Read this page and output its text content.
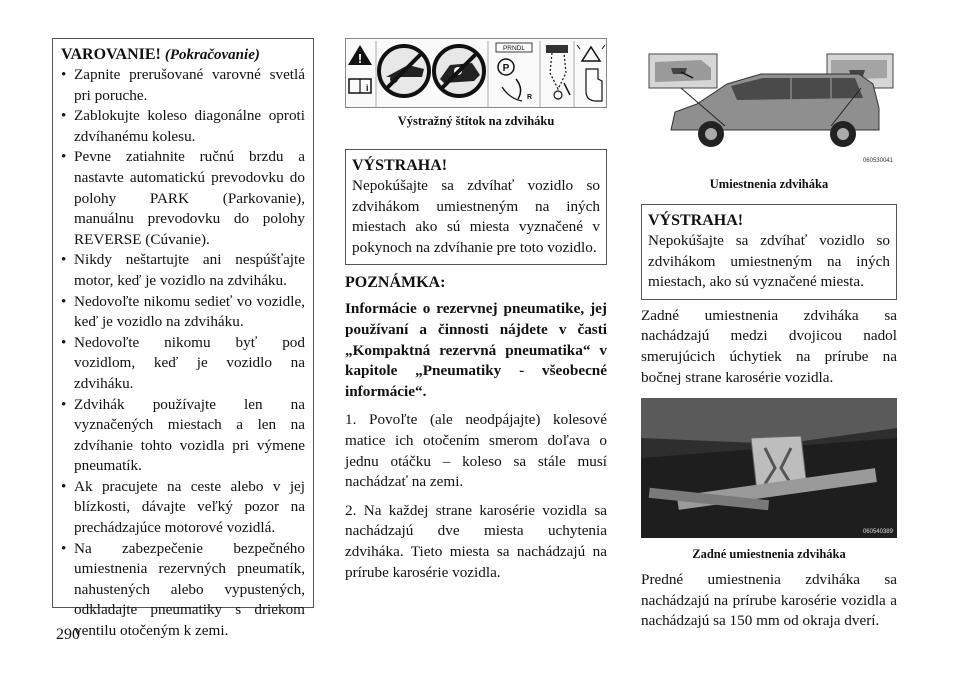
VAROVANIE! (Pokračovanie)
• Zapnite prerušované varovné svetlá pri poruche.
• Zablokujte koleso diagonálne oproti zdvíhanému kolesu.
• Pevne zatiahnite ručnú brzdu a nastavte automatickú prevodovku do polohy PARK (Parkovanie), manuálnu prevodovku do polohy REVERSE (Cúvanie).
• Nikdy neštartujte ani nespúšťajte motor, keď je vozidlo na zdviháku.
• Nedovoľte nikomu sedieť vo vozidle, keď je vozidlo na zdviháku.
• Nedovoľte nikomu byť pod vozidlom, keď je vozidlo na zdviháku.
• Zdvihák používajte len na vyznačených miestach a len na zdvíhanie tohto vozidla pri výmene pneumatík.
• Ak pracujete na ceste alebo v jej blízkosti, dávajte veľký pozor na prechádzajúce motorové vozidlá.
• Na zabezpečenie bezpečného umiestnenia rezervných pneumatík, nahustených alebo vypustených, odkladajte pneumatiky s driekom ventilu otočeným k zemi.
290
!
i
PRNDL
P
R
Výstražný štítok na zdviháku
VÝSTRAHA!
Nepokúšajte sa zdvíhať vozidlo so zdvihákom umiestneným na iných miestach ako sú miesta vyznačené v pokynoch na zdvíhanie pre toto vozidlo.
POZNÁMKA:
Informácie o rezervnej pneumatike, jej používaní a činnosti nájdete v časti „Kompaktná rezervná pneumatika“ v kapitole „Pneumatiky - všeobecné informácie“.
1. Povoľte (ale neodpájajte) kolesové matice ich otočením smerom doľava o jednu otáčku – koleso sa stále musí nachádzať na zemi.
2. Na každej strane karosérie vozidla sa nachádzajú dve miesta uchytenia zdviháka. Tieto miesta sa nachádzajú na prírube karosérie vozidla.
060530041
Umiestnenia zdviháka
VÝSTRAHA!
Nepokúšajte sa zdvíhať vozidlo so zdvihákom umiestneným na iných miestach, ako sú vyznačené miesta.
Zadné umiestnenia zdviháka sa nachádzajú medzi dvojicou nadol smerujúcich úchytiek na prírube na bočnej strane karosérie vozidla.
060540389
Zadné umiestnenia zdviháka
Predné umiestnenia zdviháka sa nachádzajú na prírube karosérie vozidla a nachádzajú sa 150 mm od okraja dverí.
